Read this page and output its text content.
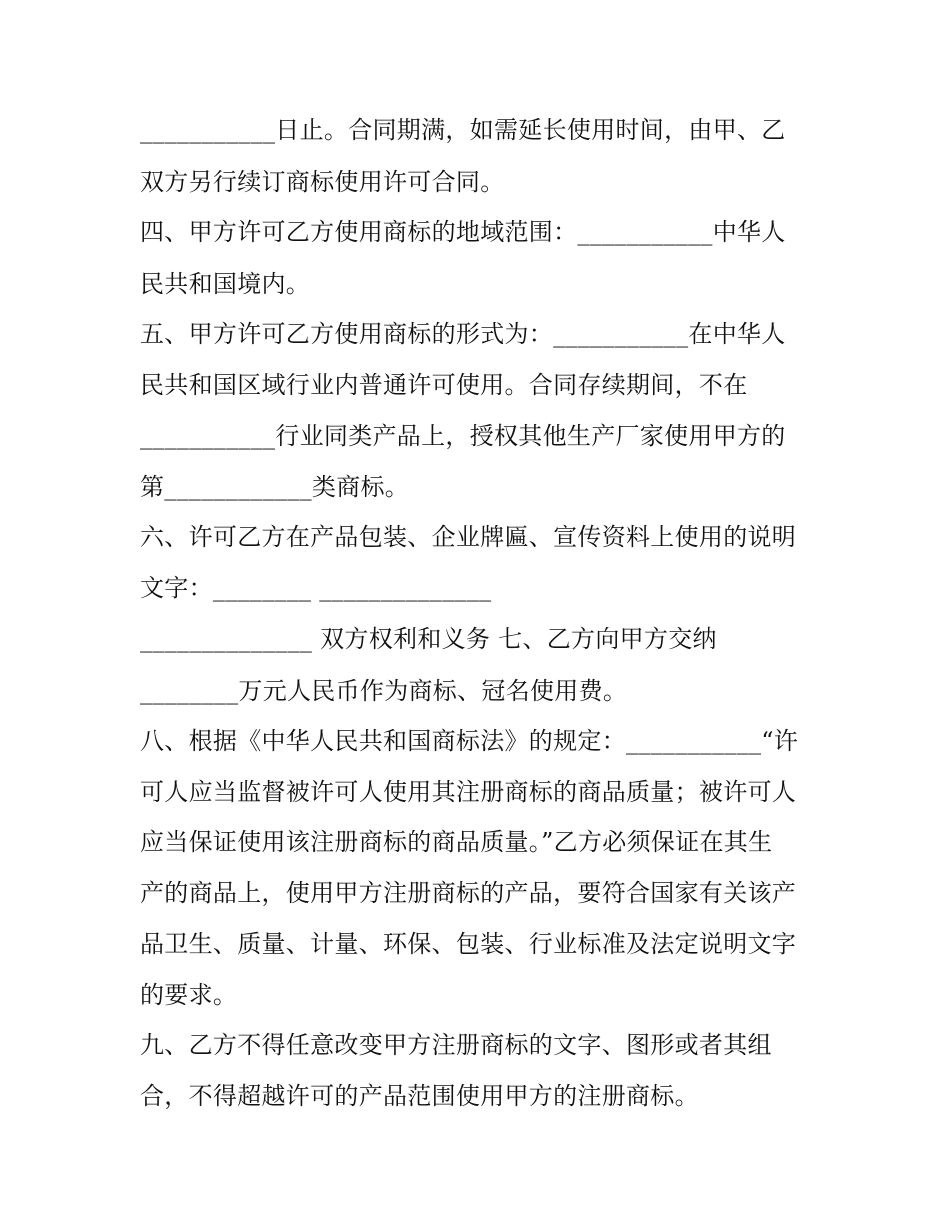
___________日止。合同期满，如需延长使用时间，由甲、乙
双方另行续订商标使用许可合同。
四、甲方许可乙方使用商标的地域范围：___________中华人
民共和国境内。
五、甲方许可乙方使用商标的形式为：___________在中华人
民共和国区域行业内普通许可使用。合同存续期间，不在
___________行业同类产品上，授权其他生产厂家使用甲方的
第____________类商标。
六、许可乙方在产品包装、企业牌匾、宣传资料上使用的说明
文字：________ ______________
______________ 双方权利和义务 七、乙方向甲方交纳
________万元人民币作为商标、冠名使用费。
八、根据《中华人民共和国商标法》的规定：___________“许
可人应当监督被许可人使用其注册商标的商品质量；被许可人
应当保证使用该注册商标的商品质量。”乙方必须保证在其生
产的商品上，使用甲方注册商标的产品，要符合国家有关该产
品卫生、质量、计量、环保、包装、行业标准及法定说明文字
的要求。
九、乙方不得任意改变甲方注册商标的文字、图形或者其组
合，不得超越许可的产品范围使用甲方的注册商标。
